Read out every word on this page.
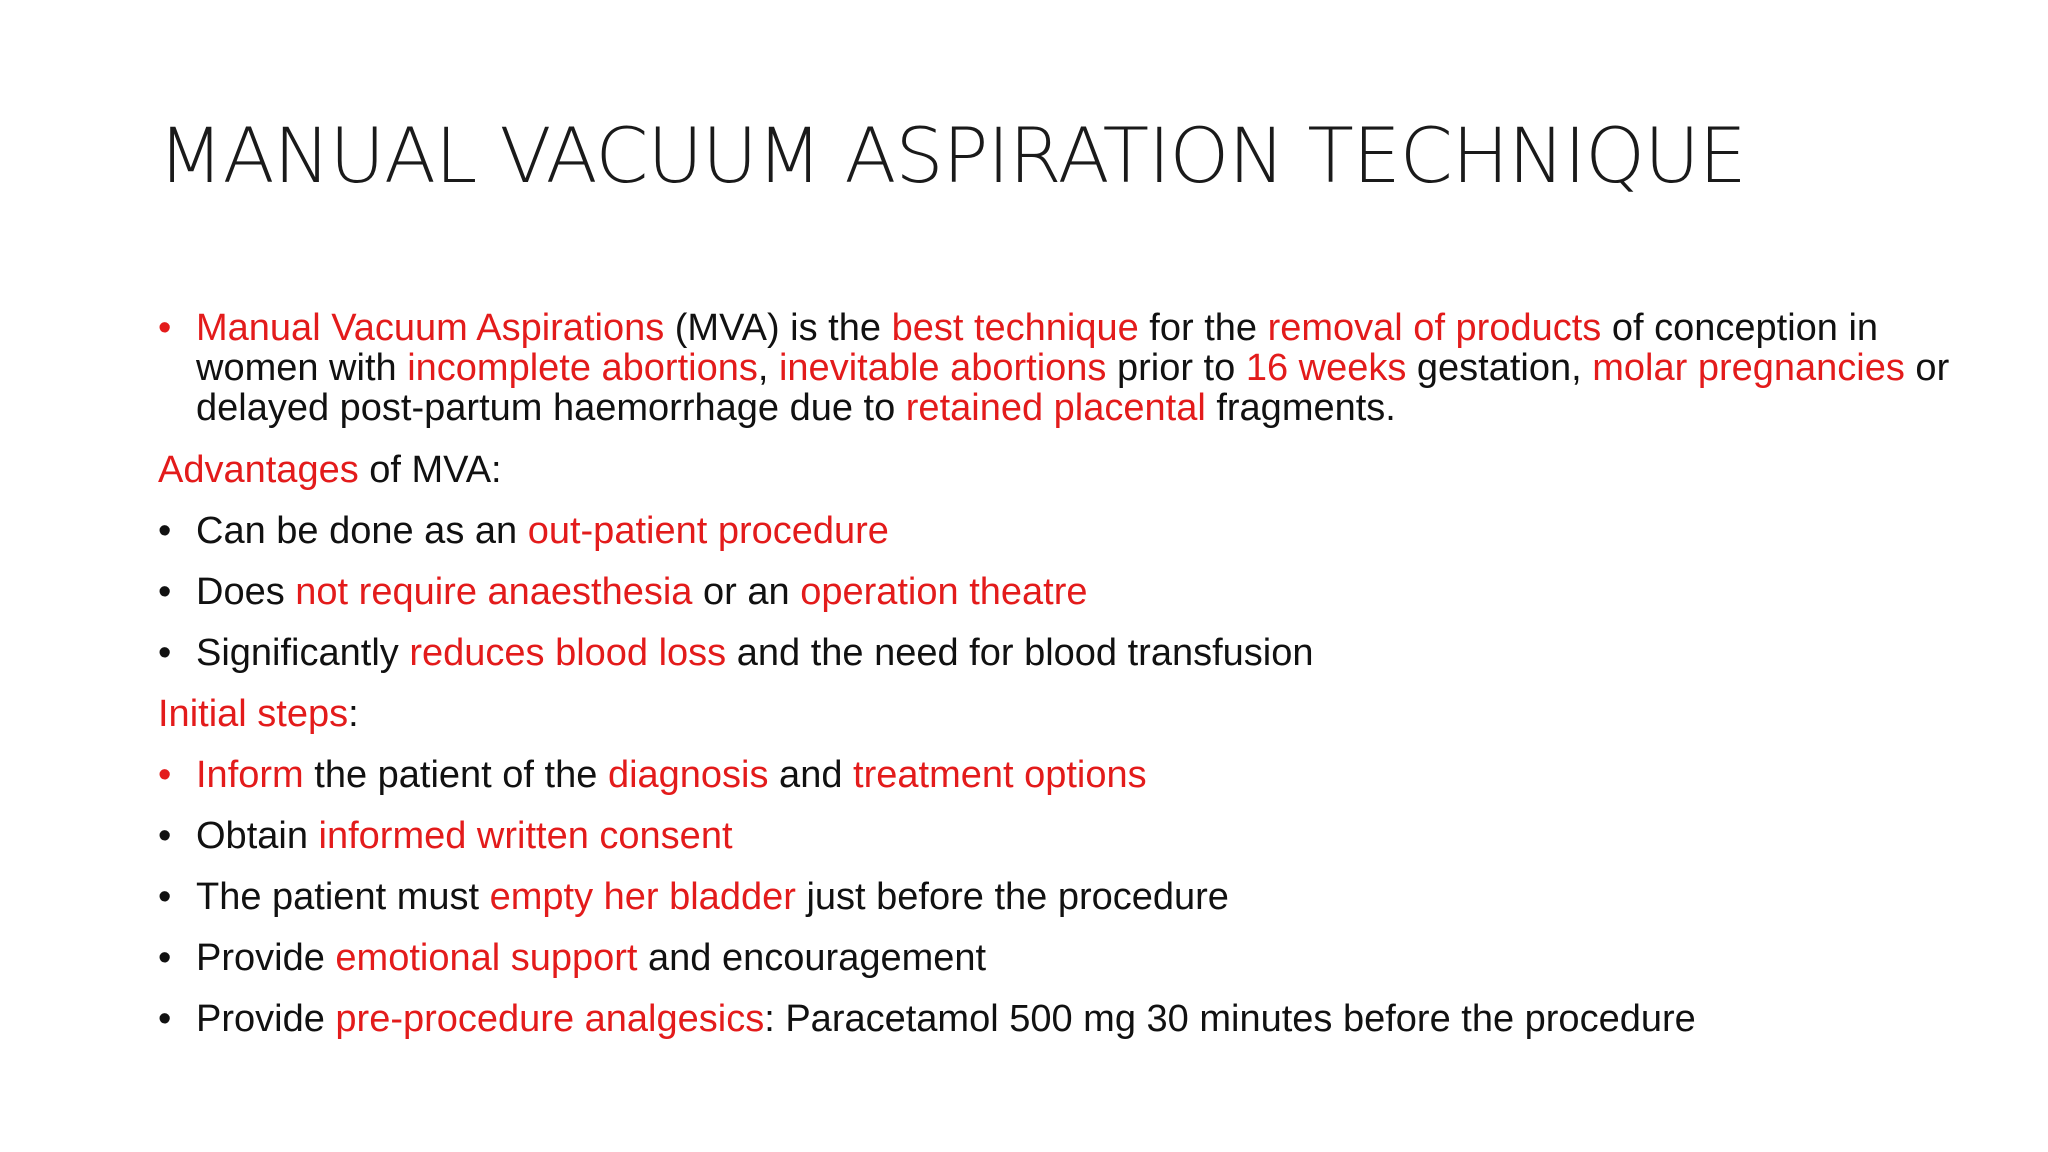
MANUAL VACUUM ASPIRATION TECHNIQUE
• Manual Vacuum Aspirations (MVA) is the best technique for the removal of products of conception in women with incomplete abortions, inevitable abortions prior to 16 weeks gestation, molar pregnancies or delayed post-partum haemorrhage due to retained placental fragments.
Advantages of MVA:
• Can be done as an out-patient procedure
• Does not require anaesthesia or an operation theatre
• Significantly reduces blood loss and the need for blood transfusion
Initial steps:
• Inform the patient of the diagnosis and treatment options
• Obtain informed written consent
• The patient must empty her bladder just before the procedure
• Provide emotional support and encouragement
• Provide pre-procedure analgesics: Paracetamol 500 mg 30 minutes before the procedure
